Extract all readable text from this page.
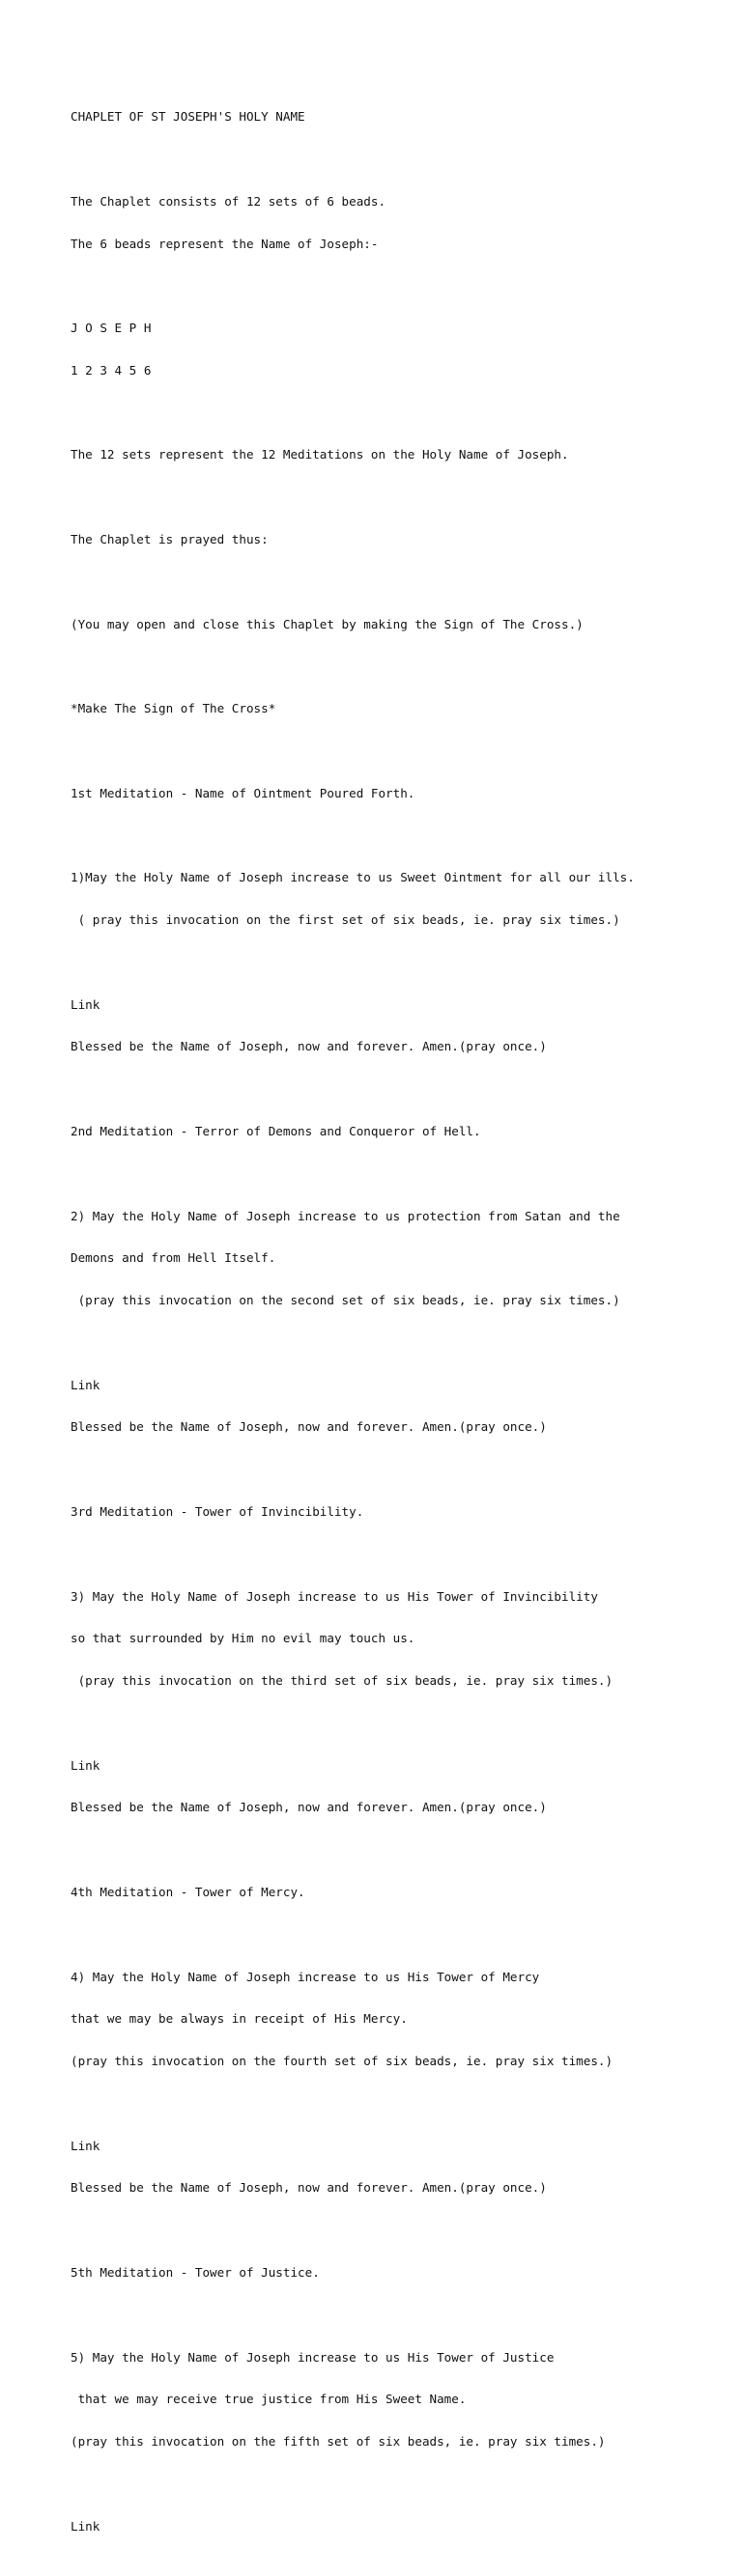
CHAPLET OF ST JOSEPH'S HOLY NAME

The Chaplet consists of 12 sets of 6 beads.

The 6 beads represent the Name of Joseph:-

J O S E P H

1 2 3 4 5 6

The 12 sets represent the 12 Meditations on the Holy Name of Joseph.

The Chaplet is prayed thus:

(You may open and close this Chaplet by making the Sign of The Cross.)

*Make The Sign of The Cross*

1st Meditation - Name of Ointment Poured Forth.

1)May the Holy Name of Joseph increase to us Sweet Ointment for all our ills.

( pray this invocation on the first set of six beads, ie. pray six times.)

Link

Blessed be the Name of Joseph, now and forever. Amen.(pray once.)

2nd Meditation - Terror of Demons and Conqueror of Hell.

2) May the Holy Name of Joseph increase to us protection from Satan and the

Demons and from Hell Itself.

(pray this invocation on the second set of six beads, ie. pray six times.)

Link

Blessed be the Name of Joseph, now and forever. Amen.(pray once.)

3rd Meditation - Tower of Invincibility.

3) May the Holy Name of Joseph increase to us His Tower of Invincibility

so that surrounded by Him no evil may touch us.

(pray this invocation on the third set of six beads, ie. pray six times.)

Link

Blessed be the Name of Joseph, now and forever. Amen.(pray once.)

4th Meditation - Tower of Mercy.

4) May the Holy Name of Joseph increase to us His Tower of Mercy

that we may be always in receipt of His Mercy.

(pray this invocation on the fourth set of six beads, ie. pray six times.)

Link

Blessed be the Name of Joseph, now and forever. Amen.(pray once.)

5th Meditation - Tower of Justice.

5) May the Holy Name of Joseph increase to us His Tower of Justice

that we may receive true justice from His Sweet Name.

(pray this invocation on the fifth set of six beads, ie. pray six times.)

Link
